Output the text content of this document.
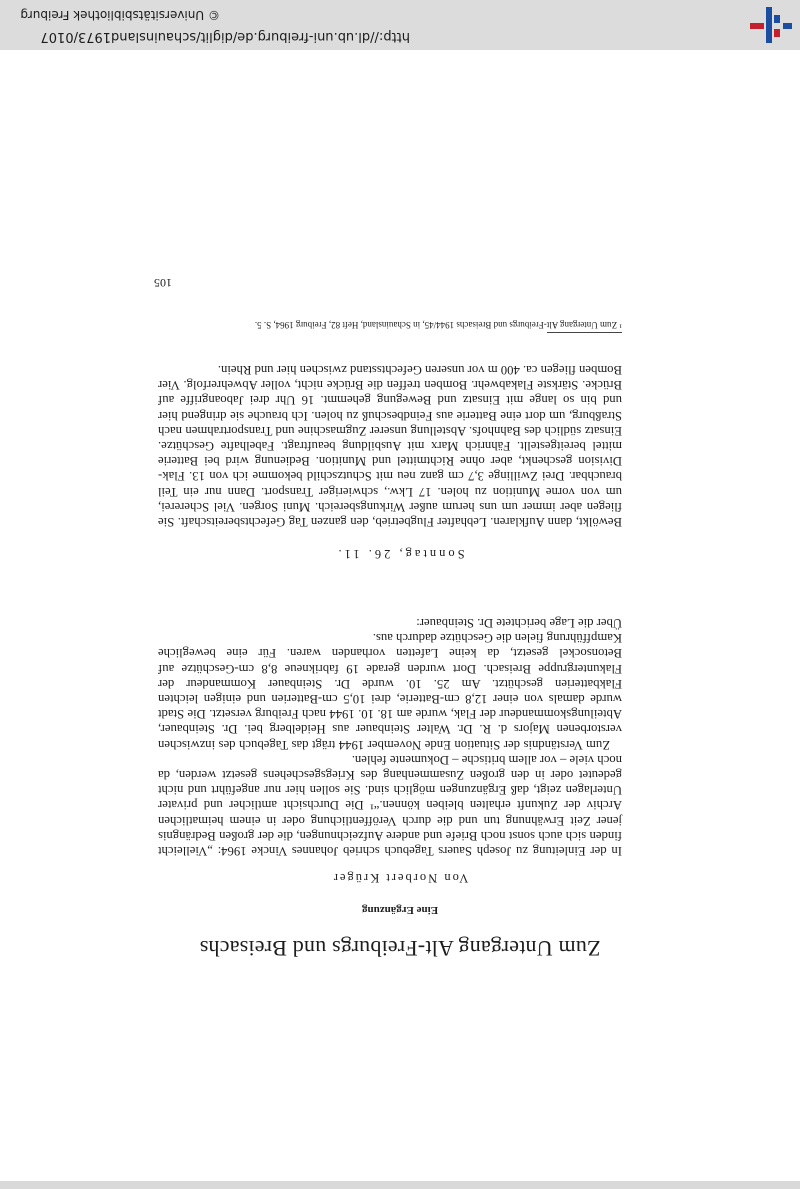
Zum Untergang Alt-Freiburgs und Breisachs
Eine Ergänzung
Von Norbert Krüger

In der Einleitung zu Joseph Sauers Tagebuch schrieb Johannes Vincke 1964: „Vielleicht finden sich auch sonst noch Briefe und andere Aufzeichnungen, die der großen Bedrängnis jener Zeit Erwähnung tun und die durch Veröffentlichung oder in einem heimatlichen Archiv der Zukunft erhalten bleiben können.“¹ Die Durchsicht amtlicher und privater Unterlagen zeigt, daß Ergänzungen möglich sind. Sie sollen hier nur angeführt und nicht gedeutet oder in den großen Zusammenhang des Kriegsgeschehens gesetzt werden, da noch viele – vor allem britische – Dokumente fehlen.

Zum Verständnis der Situation Ende November 1944 trägt das Tagebuch des inzwischen verstorbenen Majors d. R. Dr. Walter Steinbauer aus Heidelberg bei. Dr. Steinbauer, Abteilungskommandeur der Flak, wurde am 18. 10. 1944 nach Freiburg versetzt. Die Stadt wurde damals von einer 12,8 cm-Batterie, drei 10,5 cm-Batterien und einigen leichten Flakbatterien geschützt. Am 25. 10. wurde Dr. Steinbauer Kommandeur der Flakuntergruppe Breisach. Dort wurden gerade 19 fabrikneue 8,8 cm-Geschütze auf Betonsockel gesetzt, da keine Lafetten vorhanden waren. Für eine bewegliche Kampfführung fielen die Geschütze dadurch aus.

Über die Lage berichtete Dr. Steinbauer:

Sonntag, 26. 11.

Bewölkt, dann Aufklaren. Lebhafter Flugbetrieb, den ganzen Tag Gefechtsbereitschaft. Sie fliegen aber immer um uns herum außer Wirkungsbereich. Muni Sorgen. Viel Schererei, um von vorne Munition zu holen. 17 Lkw., schwieriger Transport. Dann nur ein Teil brauchbar. Drei Zwillinge 3,7 cm ganz neu mit Schutzschild bekomme ich von 13. Flak-Division geschenkt, aber ohne Richtmittel und Munition. Bedienung wird bei Batterie mittel bereitgestellt. Fähnrich Marx mit Ausbildung beauftragt. Fabelhafte Geschütze. Einsatz südlich des Bahnhofs. Abstellung unserer Zugmaschine und Transportrahmen nach Straßburg, um dort eine Batterie aus Feindbeschuß zu holen. Ich brauche sie dringend hier und bin so lange mit Einsatz und Bewegung gehemmt. 16 Uhr drei Jaboangriffe auf Brücke. Stärkste Flakabwehr. Bomben treffen die Brücke nicht, voller Abwehrerfolg. Vier Bomben fliegen ca. 400 m vor unseren Gefechtsstand zwischen hier und Rhein.

¹ Zum Untergang Alt-Freiburgs und Breisachs 1944/45, in Schauinsland, Heft 82, Freiburg 1964, S. 5.
105
http://dl.ub.uni-freiburg.de/diglit/schauinsland1973/0107
© Universitätsbibliothek Freiburg
